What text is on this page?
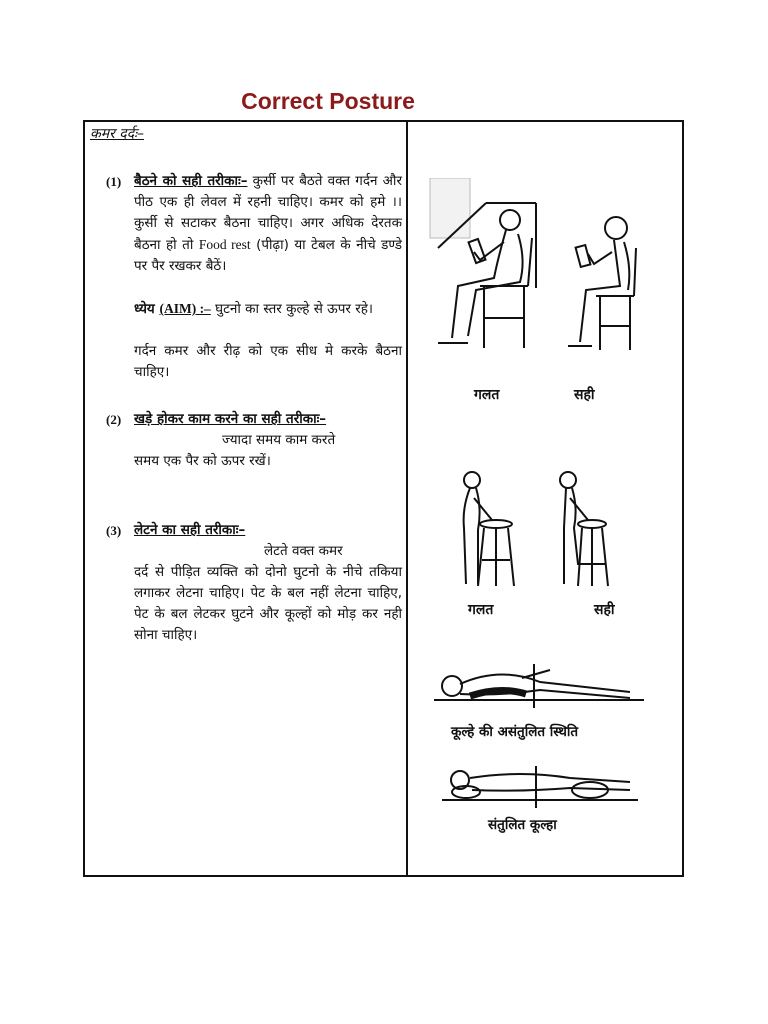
Correct Posture
कमर दर्दः–
(1) बैठने को सही तरीकाः– कुर्सी पर बैठते वक्त गर्दन और पीठ एक ही लेवल में रहनी चाहिए। कमर को हमे ।। कुर्सी से सटाकर बैठना चाहिए। अगर अधिक देरतक बैठना हो तो Food rest (पीढ़ा) या टेबल के नीचे डण्डे पर पैर रखकर बैठें।
ध्येय (AIM) :– घुटनो का स्तर कुल्हे से ऊपर रहे।
गर्दन कमर और रीढ़ को एक सीध मे करके बैठना चाहिए।
(2) खड़े होकर काम करने का सही तरीकाः–
ज्यादा समय काम करते
समय एक पैर को ऊपर रखें।
(3) लेटने का सही तरीकाः–
लेटते वक्त कमर
दर्द से पीड़ित व्यक्ति को दोनो घुटनो के नीचे तकिया लगाकर लेटना चाहिए। पेट के बल नहीं लेटना चाहिए, पेट के बल लेटकर घुटने और कूल्हों को मोड़ कर नही सोना चाहिए।
गलत	सही
गलत	सही
कूल्हे की असंतुलित स्थिति
संतुलित कूल्हा
